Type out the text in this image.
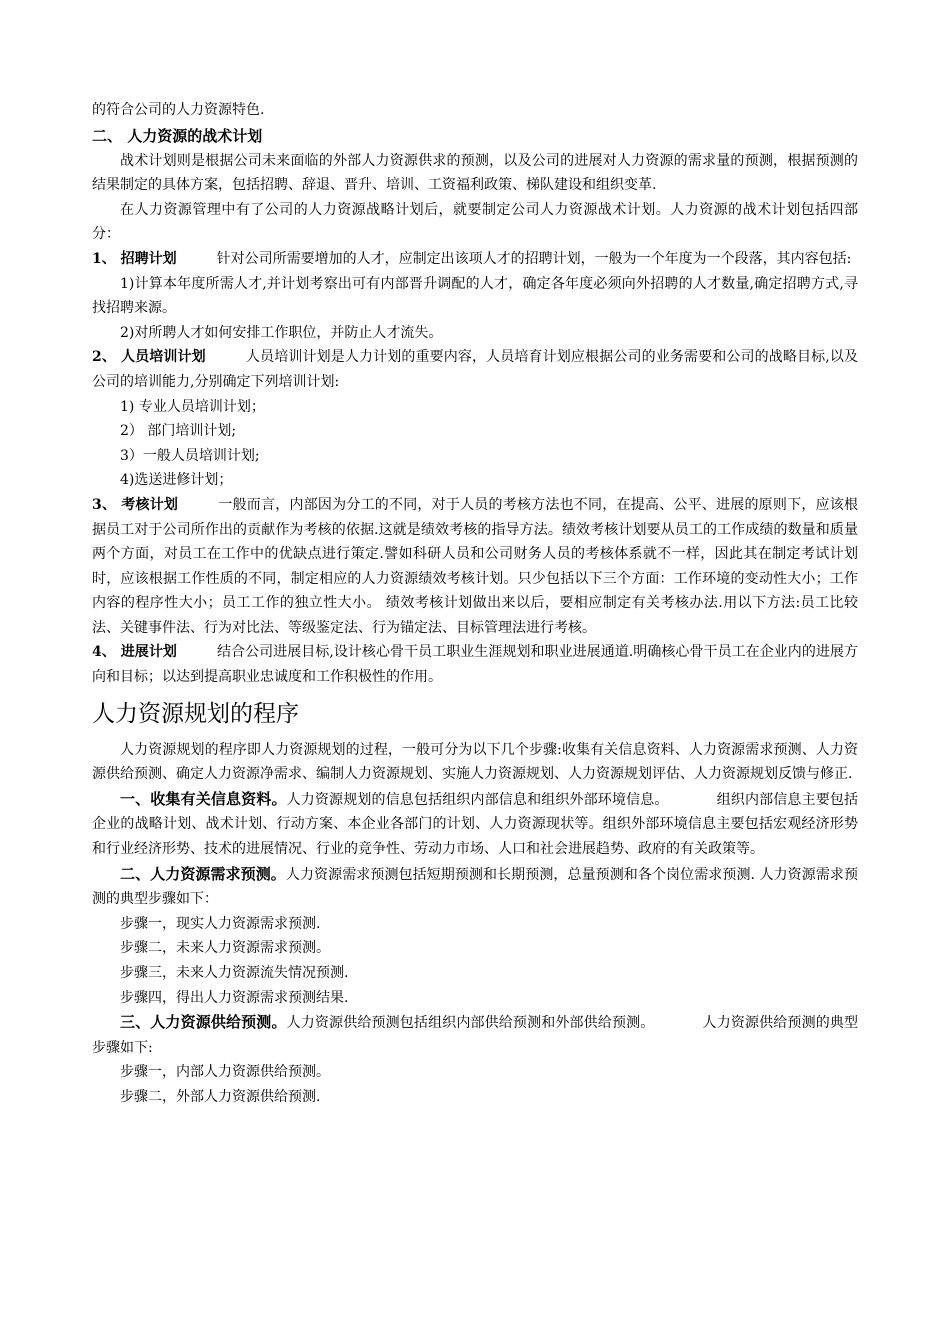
的符合公司的人力资源特色.

二、 人力资源的战术计划

战术计划则是根据公司未来面临的外部人力资源供求的预测，以及公司的进展对人力资源的需求量的预测，根据预测的结果制定的具体方案，包括招聘、辞退、晋升、培训、工资福利政策、梯队建设和组织变革.

在人力资源管理中有了公司的人力资源战略计划后，就要制定公司人力资源战术计划。人力资源的战术计划包括四部分：

1、 招聘计划	针对公司所需要增加的人才，应制定出该项人才的招聘计划，一般为一个年度为一个段落，其内容包括:

1)计算本年度所需人才,并计划考察出可有内部晋升调配的人才，确定各年度必须向外招聘的人才数量,确定招聘方式,寻找招聘来源。

2)对所聘人才如何安排工作职位，并防止人才流失。

2、 人员培训计划	人员培训计划是人力计划的重要内容，人员培育计划应根据公司的业务需要和公司的战略目标,以及公司的培训能力,分别确定下列培训计划:

1) 专业人员培训计划；

2） 部门培训计划;

3）一般人员培训计划;

4)选送进修计划；

3、 考核计划	一般而言，内部因为分工的不同，对于人员的考核方法也不同，在提高、公平、进展的原则下，应该根据员工对于公司所作出的贡献作为考核的依据.这就是绩效考核的指导方法。绩效考核计划要从员工的工作成绩的数量和质量两个方面，对员工在工作中的优缺点进行策定.譬如科研人员和公司财务人员的考核体系就不一样，因此其在制定考试计划时，应该根据工作性质的不同，制定相应的人力资源绩效考核计划。只少包括以下三个方面：工作环境的变动性大小；工作内容的程序性大小；员工工作的独立性大小。 绩效考核计划做出来以后，要相应制定有关考核办法.用以下方法:员工比较法、关键事件法、行为对比法、等级鉴定法、行为锚定法、目标管理法进行考核。

4、 进展计划	结合公司进展目标,设计核心骨干员工职业生涯规划和职业进展通道.明确核心骨干员工在企业内的进展方向和目标；以达到提高职业忠诚度和工作积极性的作用。

人力资源规划的程序

人力资源规划的程序即人力资源规划的过程，一般可分为以下几个步骤:收集有关信息资料、人力资源需求预测、人力资源供给预测、确定人力资源净需求、编制人力资源规划、实施人力资源规划、人力资源规划评估、人力资源规划反馈与修正.

一、收集有关信息资料。人力资源规划的信息包括组织内部信息和组织外部环境信息。	组织内部信息主要包括企业的战略计划、战术计划、行动方案、本企业各部门的计划、人力资源现状等。组织外部环境信息主要包括宏观经济形势和行业经济形势、技术的进展情况、行业的竞争性、劳动力市场、人口和社会进展趋势、政府的有关政策等。

二、人力资源需求预测。人力资源需求预测包括短期预测和长期预测，总量预测和各个岗位需求预测. 人力资源需求预测的典型步骤如下：

步骤一，现实人力资源需求预测.

步骤二，未来人力资源需求预测。

步骤三，未来人力资源流失情况预测.

步骤四，得出人力资源需求预测结果.

三、人力资源供给预测。人力资源供给预测包括组织内部供给预测和外部供给预测。	人力资源供给预测的典型步骤如下:

步骤一，内部人力资源供给预测。

步骤二，外部人力资源供给预测.
